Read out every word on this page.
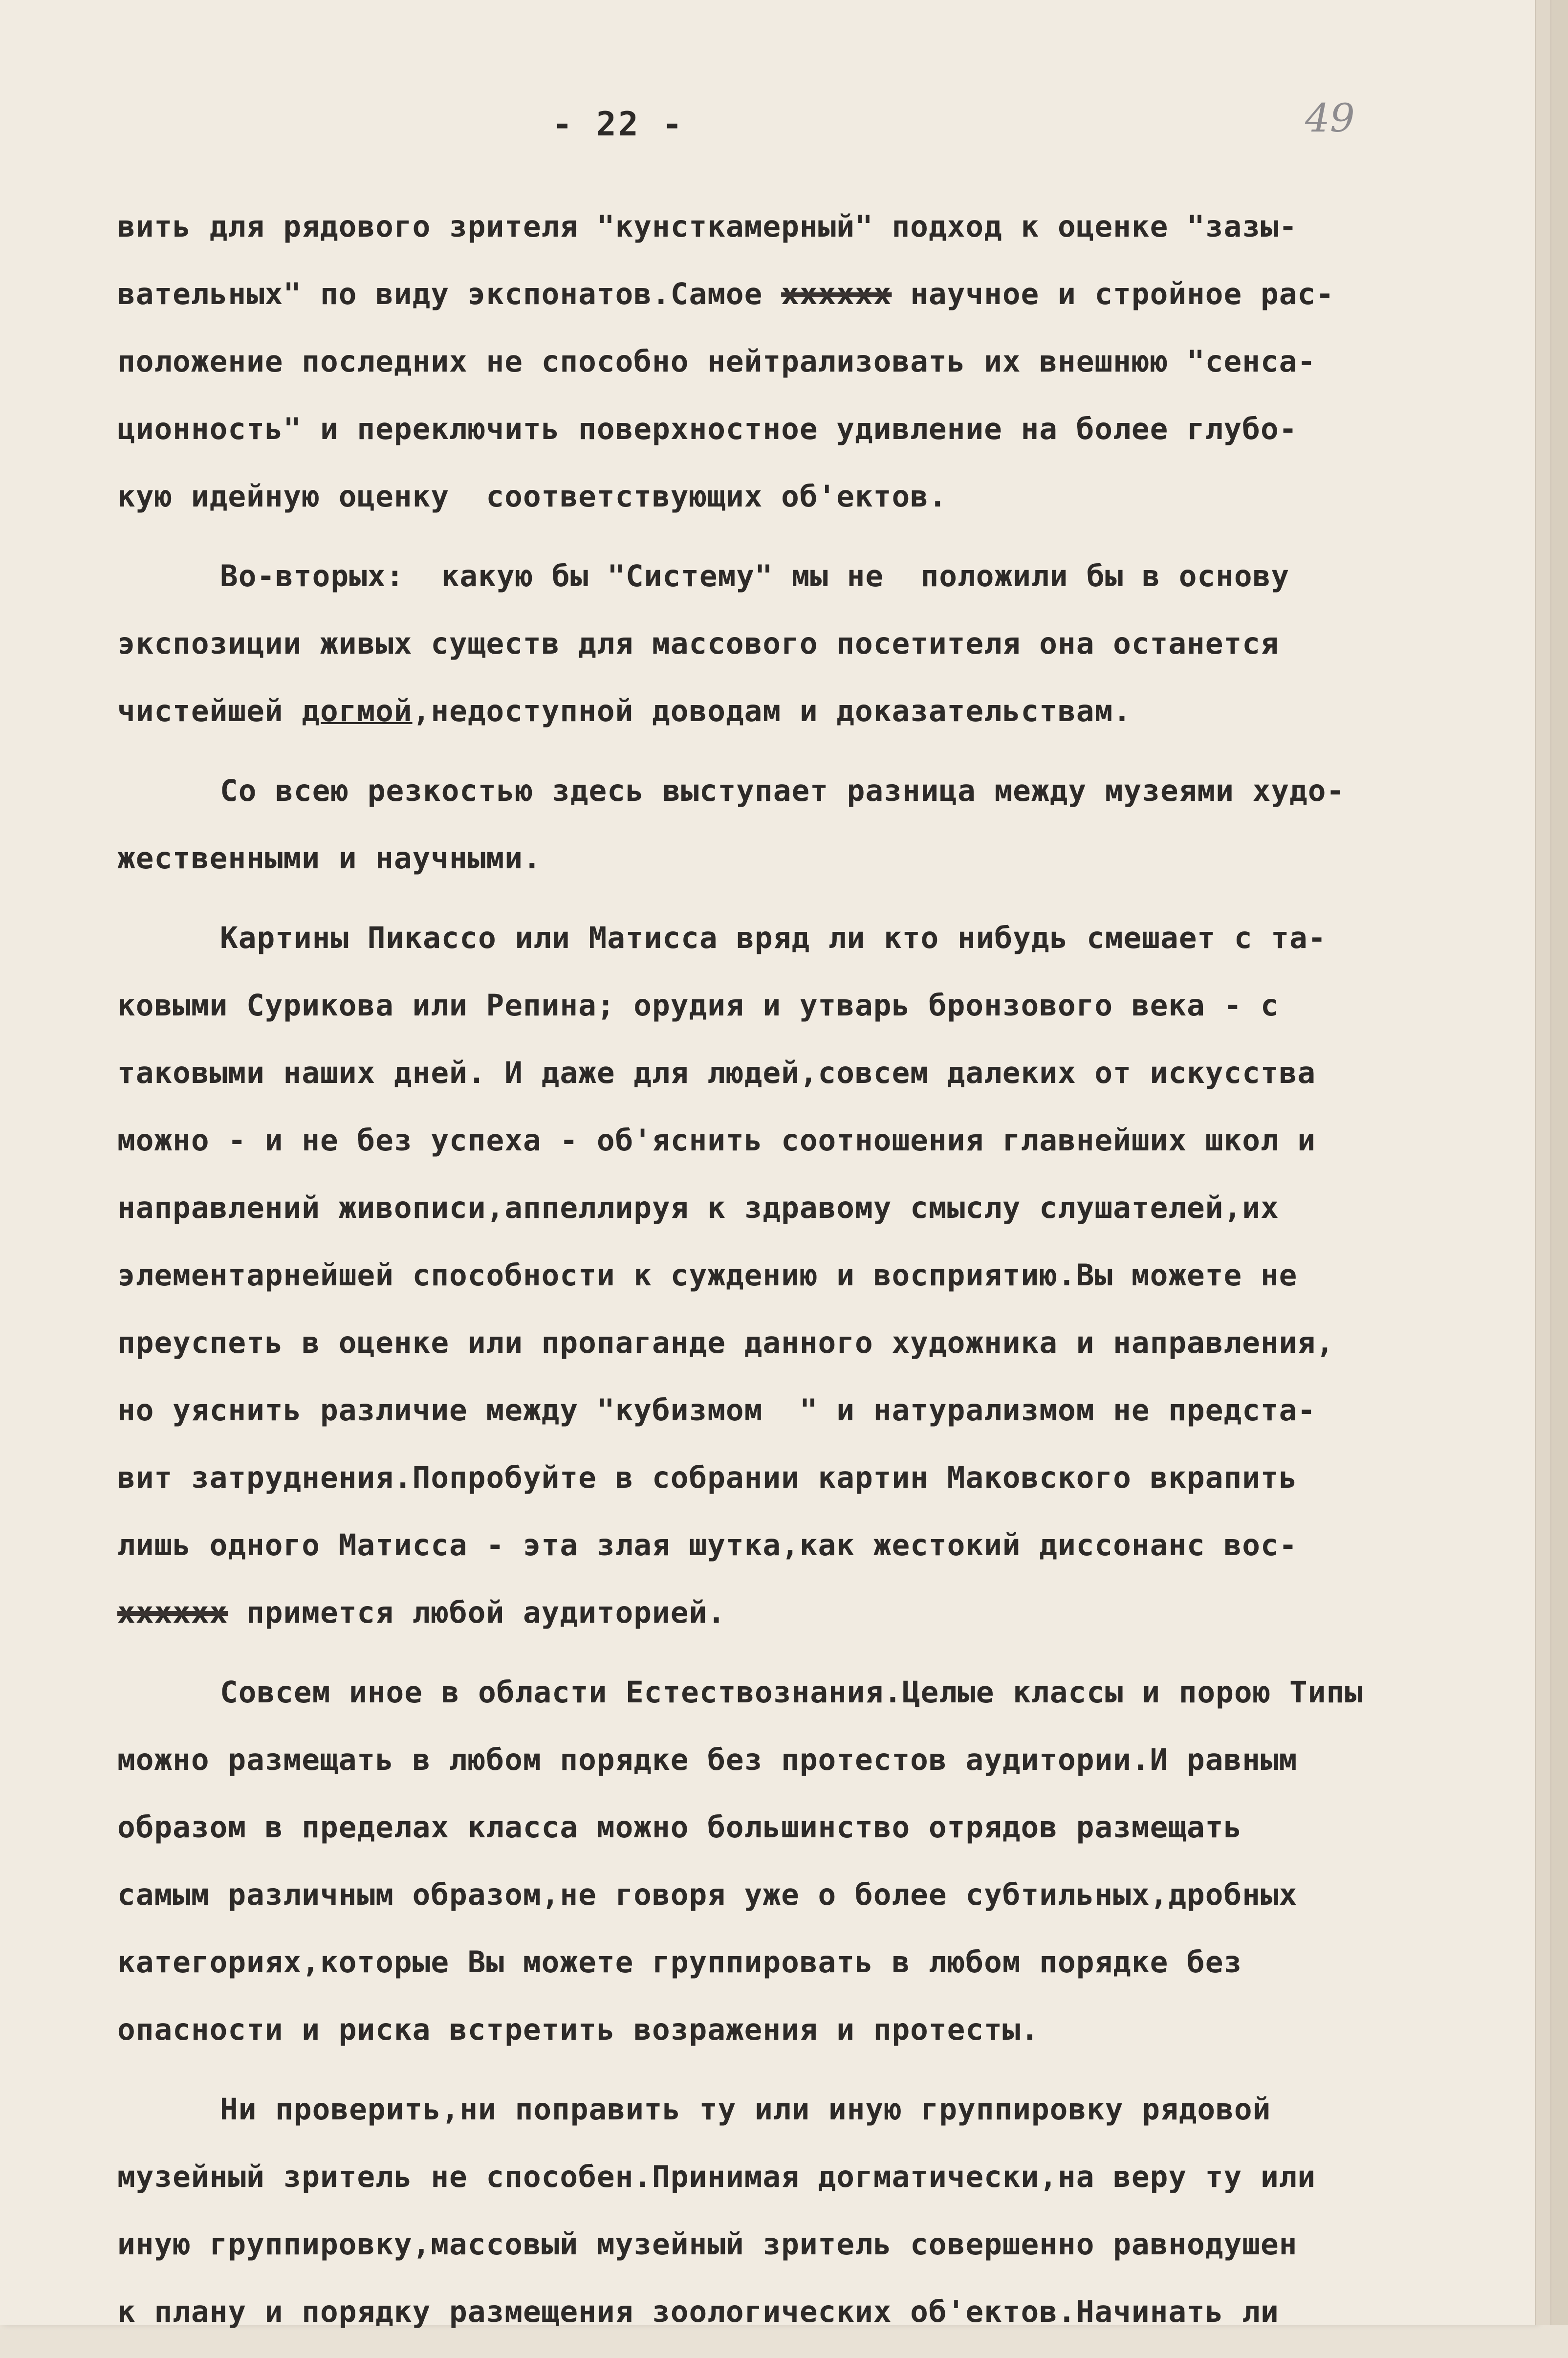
- 22 -	49
вить для рядового зрителя "кунсткамерный" подход к оценке "зазы-
вательных" по виду экспонатов.Самое хххххх научное и стройное рас-
положение последних не способно нейтрализовать их внешнюю "сенса-
ционность" и переключить поверхностное удивление на более глубо-
кую идейную оценку  соответствующих об'ектов.
Во-вторых:  какую бы "Систему" мы не  положили бы в основу
экспозиции живых существ для массового посетителя она останется
чистейшей догмой,недоступной доводам и доказательствам.
Со всею резкостью здесь выступает разница между музеями худо-
жественными и научными.
Картины Пикассо или Матисса вряд ли кто нибудь смешает с та-
ковыми Сурикова или Репина; орудия и утварь бронзового века - с
таковыми наших дней. И даже для людей,совсем далеких от искусства
можно - и не без успеха - об'яснить соотношения главнейших школ и
направлений живописи,аппеллируя к здравому смыслу слушателей,их
элементарнейшей способности к суждению и восприятию.Вы можете не
преуспеть в оценке или пропаганде данного художника и направления,
но уяснить различие между "кубизмом  " и натурализмом не предста-
вит затруднения.Попробуйте в собрании картин Маковского вкрапить
лишь одного Матисса - эта злая шутка,как жестокий диссонанс вос-
хххххх примется любой аудиторией.
Совсем иное в области Естествознания.Целые классы и порою Типы
можно размещать в любом порядке без протестов аудитории.И равным
образом в пределах класса можно большинство отрядов размещать
самым различным образом,не говоря уже о более субтильных,дробных
категориях,которые Вы можете группировать в любом порядке без
опасности и риска встретить возражения и протесты.
Ни проверить,ни поправить ту или иную группировку рядовой
музейный зритель не способен.Принимая догматически,на веру ту или
иную группировку,массовый музейный зритель совершенно равнодушен
к плану и порядку размещения зоологических об'ектов.Начинать ли
